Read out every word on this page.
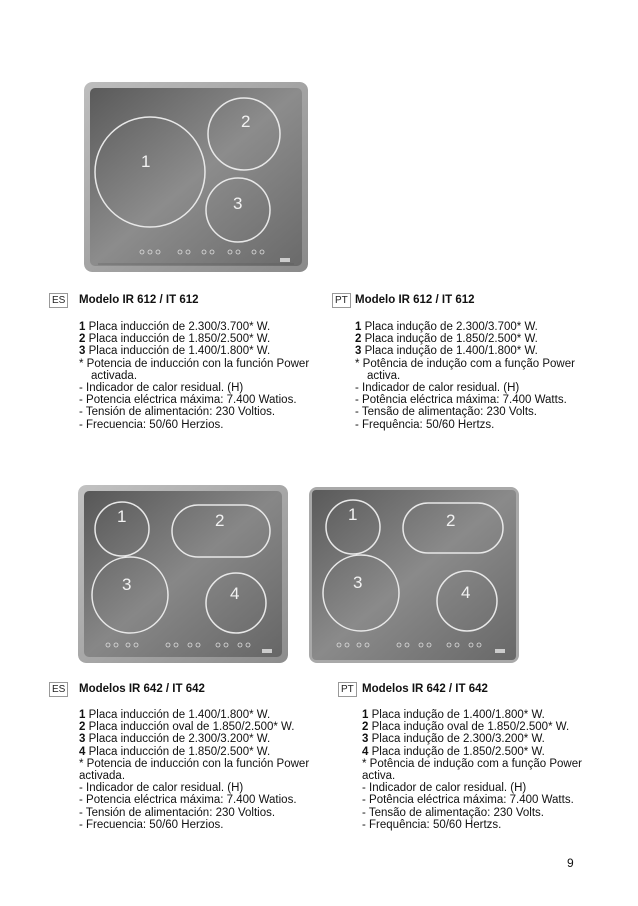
1
2
3
ES Modelo IR 612 / IT 612
1 Placa inducción de 2.300/3.700* W.
2 Placa inducción de 1.850/2.500* W.
3 Placa inducción de 1.400/1.800* W.
* Potencia de inducción con la función Power
activada.
- Indicador de calor residual. (H)
- Potencia eléctrica máxima: 7.400 Watios.
- Tensión de alimentación: 230 Voltios.
- Frecuencia: 50/60 Herzios.
PT Modelo IR 612 / IT 612
1 Placa indução de 2.300/3.700* W.
2 Placa indução de 1.850/2.500* W.
3 Placa indução de 1.400/1.800* W.
* Potência de indução com a função Power
activa.
- Indicador de calor residual. (H)
- Potência eléctrica máxima: 7.400 Watts.
- Tensão de alimentação: 230 Volts.
- Frequência: 50/60 Hertzs.
1	2
3	4
1	2
3
4
ES Modelos IR 642 / IT 642
1 Placa inducción de 1.400/1.800* W.
2 Placa inducción oval de 1.850/2.500* W.
3 Placa inducción de 2.300/3.200* W.
4 Placa inducción de 1.850/2.500* W.
* Potencia de inducción con la función Power
activada.
- Indicador de calor residual. (H)
- Potencia eléctrica máxima: 7.400 Watios.
- Tensión de alimentación: 230 Voltios.
- Frecuencia: 50/60 Herzios.
PT Modelos IR 642 / IT 642
1 Placa indução de 1.400/1.800* W.
2 Placa indução oval de 1.850/2.500* W.
3 Placa indução de 2.300/3.200* W.
4 Placa indução de 1.850/2.500* W.
* Potência de indução com a função Power
activa.
- Indicador de calor residual. (H)
- Potência eléctrica máxima: 7.400 Watts.
- Tensão de alimentação: 230 Volts.
- Frequência: 50/60 Hertzs.
9
